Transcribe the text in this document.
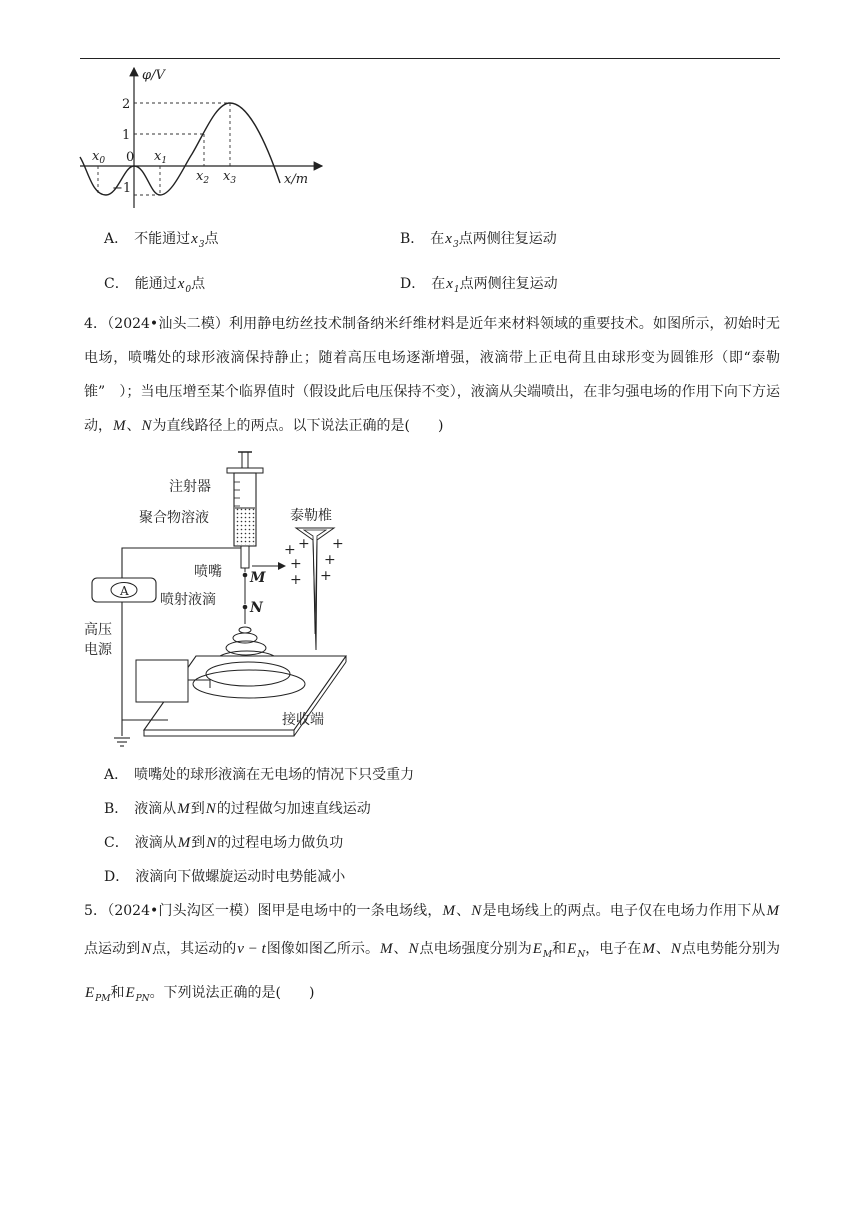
φ/V
x/m
0
2
1
−1
$x_0$	$x_1$
$x_2$ $x_3$
A． 不能通过$x_3$点	B． 在$x_3$点两侧往复运动
C． 能通过$x_0$点	D． 在$x_1$点两侧往复运动
4．（2024•汕头二模）利用静电纺丝技术制备纳米纤维材料是近年来材料领域的重要技术。如图所示，初始时无电场，喷嘴处的球形液滴保持静止；随着高压电场逐渐增强，液滴带上正电荷且由球形变为圆锥形（即“泰勒锥”　）；当电压增至某个临界值时（假设此后电压保持不变），液滴从尖端喷出，在非匀强电场的作用下向下方运动，M、N为直线路径上的两点。以下说法正确的是(　　)
A
+ + +
+ +
+ +
注射器
聚合物溶液	泰勒椎
喷嘴
喷射液滴
M
N
高压
电源
接收端
A． 喷嘴处的球形液滴在无电场的情况下只受重力
B． 液滴从M到N的过程做匀加速直线运动
C． 液滴从M到N的过程电场力做负功
D． 液滴向下做螺旋运动时电势能减小
5．（2024•门头沟区一模）图甲是电场中的一条电场线，M、N是电场线上的两点。电子仅在电场力作用下从M点运动到N点，其运动的v − t图像如图乙所示。M、N点电场强度分别为$E_M$和$E_N$，电子在M、N点电势能分别为$E_{PM}$和$E_{PN}$。下列说法正确的是(　　)
